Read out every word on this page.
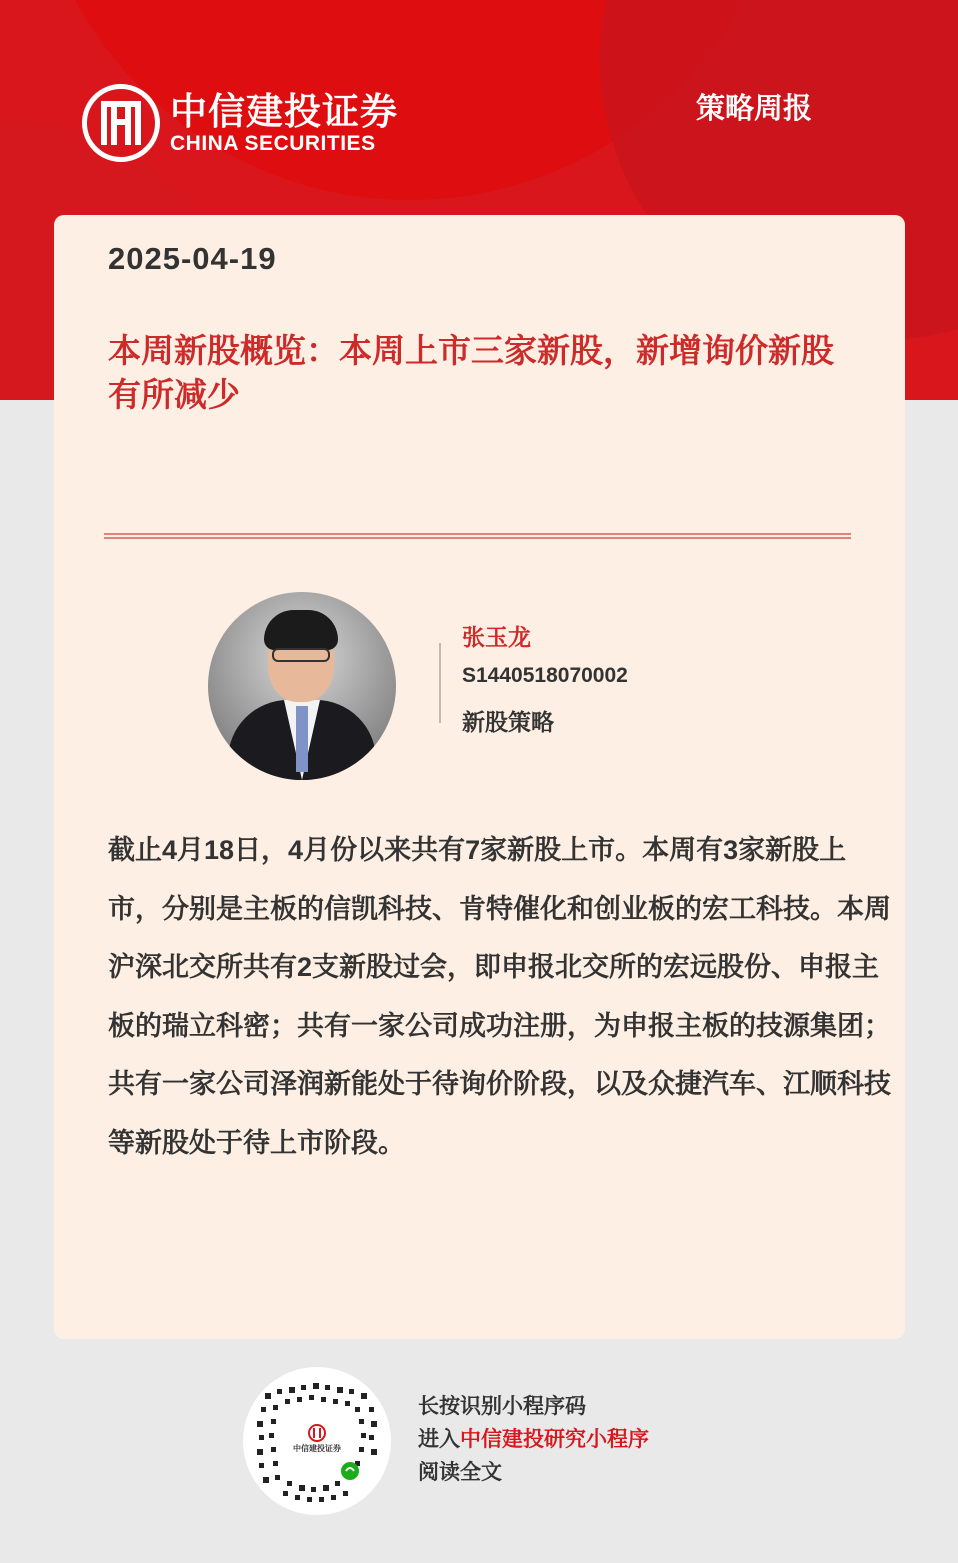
中信建投证券
CHINA SECURITIES
策略周报
2025-04-19
本周新股概览：本周上市三家新股，新增询价新股有所减少
张玉龙
S1440518070002
新股策略
截止4月18日，4月份以来共有7家新股上市。本周有3家新股上市，分别是主板的信凯科技、肯特催化和创业板的宏工科技。本周沪深北交所共有2支新股过会，即申报北交所的宏远股份、申报主板的瑞立科密；共有一家公司成功注册，为申报主板的技源集团；共有一家公司泽润新能处于待询价阶段，以及众捷汽车、江顺科技等新股处于待上市阶段。
中信建投证券
长按识别小程序码
进入中信建投研究小程序
阅读全文
